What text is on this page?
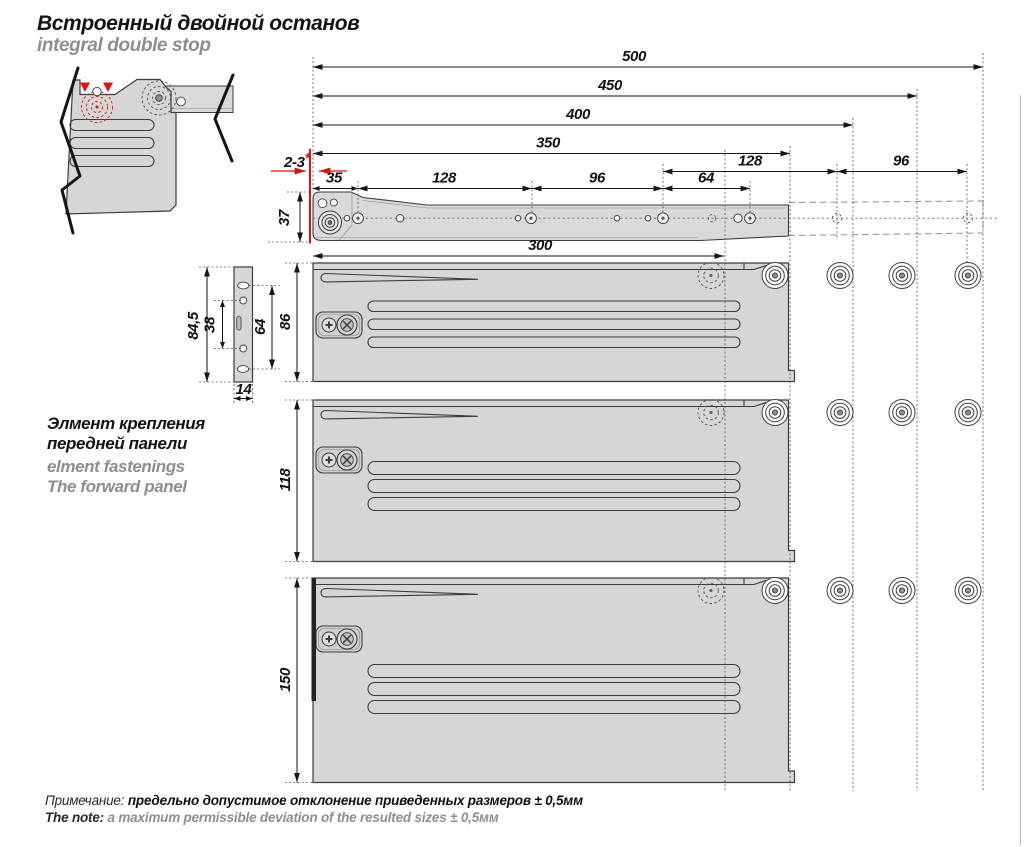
2-3*
500
450
400
350
128	96
35	128	96	64
300
37
86
118
150
84,5 38 64
14
Встроенный двойной останов
integral double stop
Элмент крепления
передней панели
elment fastenings
The forward panel
Примечание: предельно допустимое отклонение приведенных размеров ± 0,5мм
The note: a maximum permissible deviation of the resulted sizes ± 0,5мм
